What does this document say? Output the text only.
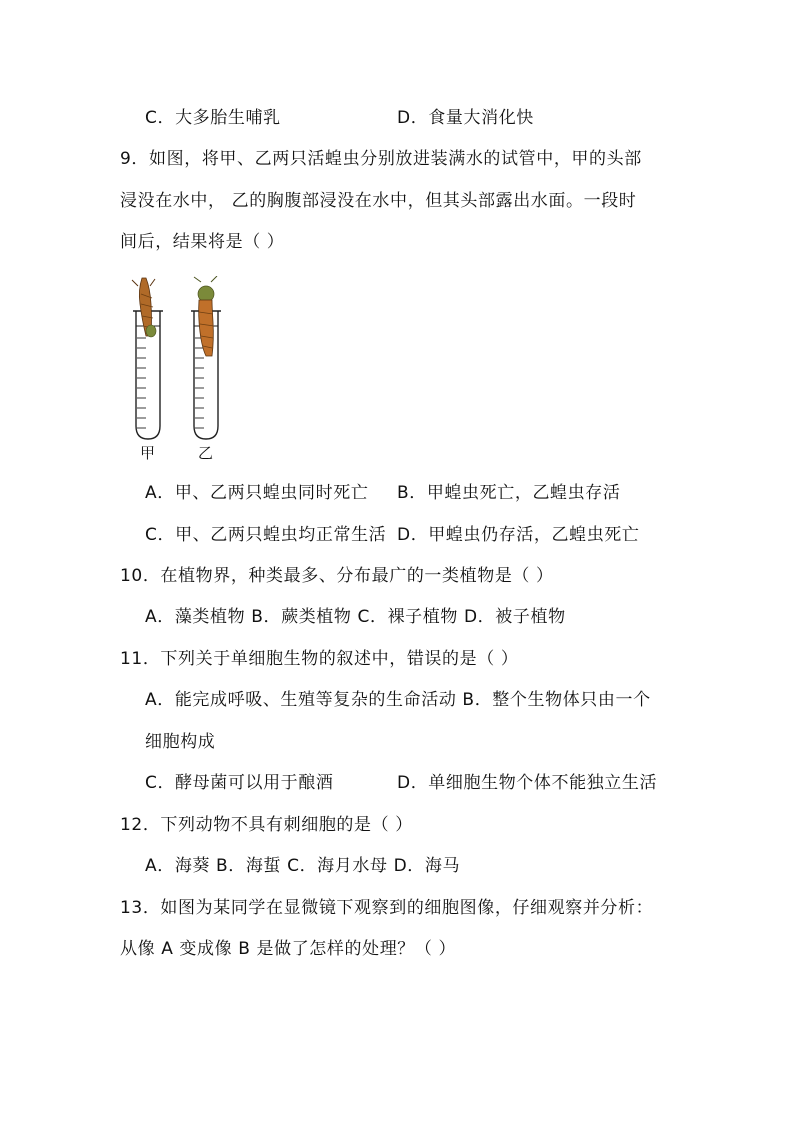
C．大多胎生哺乳	D．食量大消化快
9．如图，将甲、乙两只活蝗虫分别放进装满水的试管中，甲的头部
浸没在水中， 乙的胸腹部浸没在水中，但其头部露出水面。一段时
间后，结果将是（ ）
甲	乙
A．甲、乙两只蝗虫同时死亡 B．甲蝗虫死亡，乙蝗虫存活
C．甲、乙两只蝗虫均正常生活 D．甲蝗虫仍存活，乙蝗虫死亡
10．在植物界，种类最多、分布最广的一类植物是（ ）
A．藻类植物 B．蕨类植物 C．裸子植物 D．被子植物
11．下列关于单细胞生物的叙述中，错误的是（ ）
A．能完成呼吸、生殖等复杂的生命活动 B．整个生物体只由一个
细胞构成
C．酵母菌可以用于酿酒	D．单细胞生物个体不能独立生活
12．下列动物不具有刺细胞的是（ ）
A．海葵 B．海蜇 C．海月水母 D．海马
13．如图为某同学在显微镜下观察到的细胞图像，仔细观察并分析：
从像 A 变成像 B 是做了怎样的处理？（ ）
